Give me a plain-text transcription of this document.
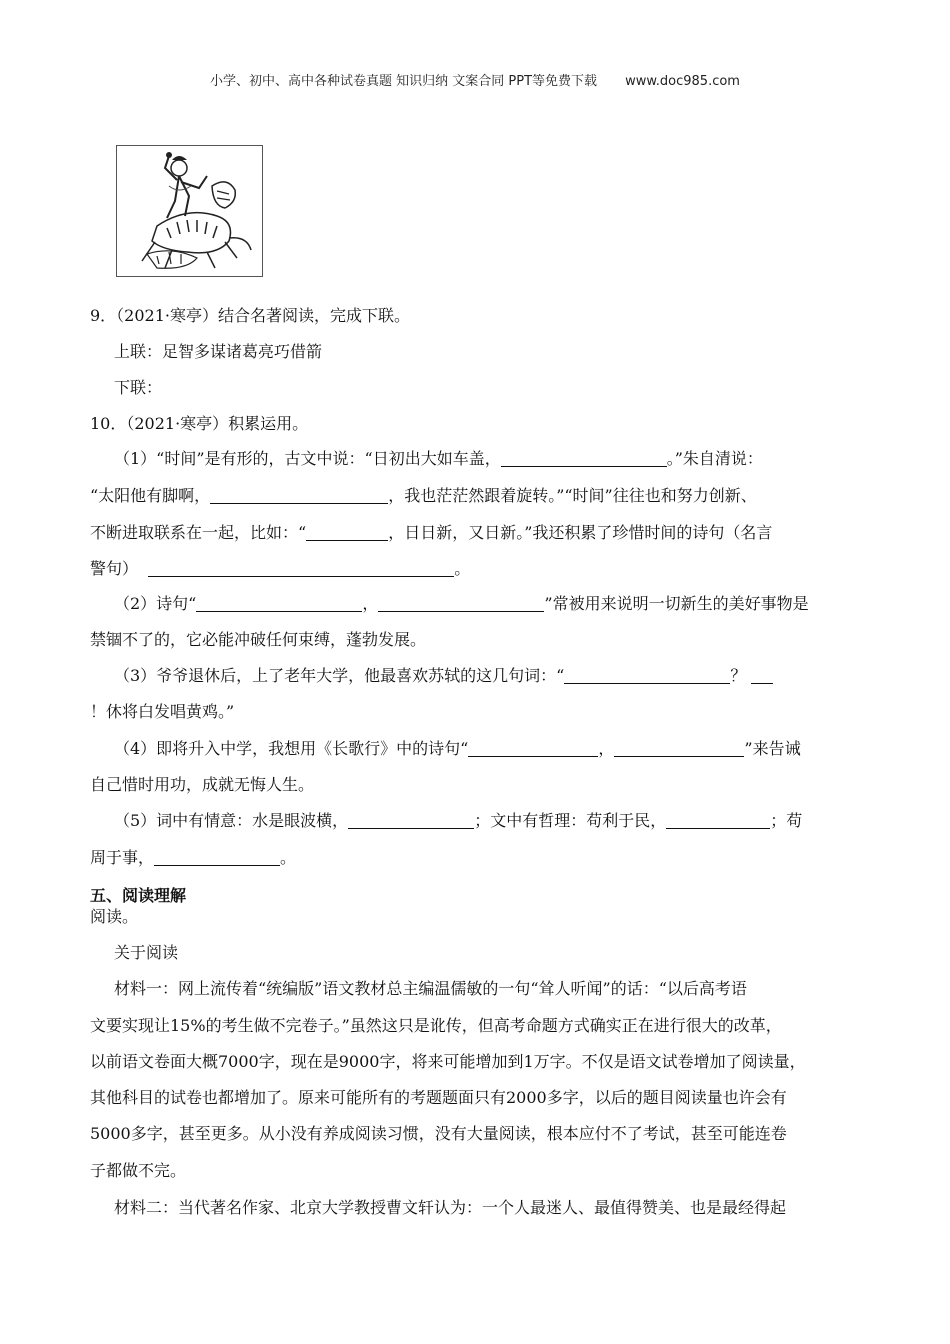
小学、初中、高中各种试卷真题 知识归纳 文案合同 PPT等免费下载 www.doc985.com
9．（2021·寒亭）结合名著阅读，完成下联。
上联：足智多谋诸葛亮巧借箭
下联：
10．（2021·寒亭）积累运用。
（1）“时间”是有形的，古文中说：“日初出大如车盖，	。”朱自清说：
“太阳他有脚啊，	，我也茫茫然跟着旋转。”“时间”往往也和努力创新、
不断进取联系在一起，比如：“	，日日新，又日新。”我还积累了珍惜时间的诗句（名言
警句）	。
（2）诗句“	，	”常被用来说明一切新生的美好事物是
禁锢不了的，它必能冲破任何束缚，蓬勃发展。
（3）爷爷退休后，上了老年大学，他最喜欢苏轼的这几句词：“	？
！休将白发唱黄鸡。”
（4）即将升入中学，我想用《长歌行》中的诗句“	，	”来告诫
自己惜时用功，成就无悔人生。
（5）词中有情意：水是眼波横，	；文中有哲理：苟利于民，	；苟
周于事，	。
五、阅读理解
阅读。
关于阅读
材料一：网上流传着“统编版”语文教材总主编温儒敏的一句“耸人听闻”的话：“以后高考语
文要实现让15%的考生做不完卷子。”虽然这只是讹传，但高考命题方式确实正在进行很大的改革，
以前语文卷面大概7000字，现在是9000字，将来可能增加到1万字。不仅是语文试卷增加了阅读量，
其他科目的试卷也都增加了。原来可能所有的考题题面只有2000多字，以后的题目阅读量也许会有
5000多字，甚至更多。从小没有养成阅读习惯，没有大量阅读，根本应付不了考试，甚至可能连卷
子都做不完。
材料二：当代著名作家、北京大学教授曹文轩认为：一个人最迷人、最值得赞美、也是最经得起
